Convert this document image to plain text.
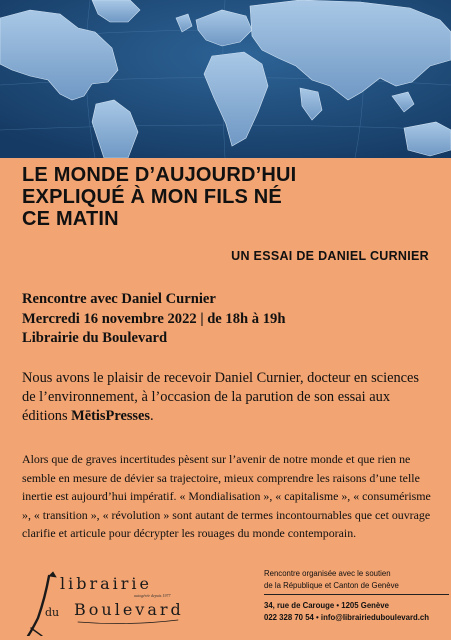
LE MONDE D’AUJOURD’HUI
EXPLIQUÉ À MON FILS NÉ
CE MATIN

UN ESSAI DE DANIEL CURNIER

Rencontre avec Daniel Curnier
Mercredi 16 novembre 2022 | de 18h à 19h
Librairie du Boulevard

Nous avons le plaisir de recevoir Daniel Curnier, docteur en sciences de l’environnement, à l’occasion de la parution de son essai aux éditions MētisPresses.

Alors que de graves incertitudes pèsent sur l’avenir de notre monde et que rien ne semble en mesure de dévier sa trajectoire, mieux comprendre les raisons d’une telle inertie est aujourd’hui impératif. « Mondialisation », « capitalisme », « consumérisme », « transition », « révolution » sont autant de termes incontournables que cet ouvrage clarifie et articule pour décrypter les rouages du monde contemporain.

librairie
autogérée depuis 1977
du Boulevard
Rencontre organisée avec le soutien
de la République et Canton de Genève
34, rue de Carouge • 1205 Genève
022 328 70 54 • info@librairieduboulevard.ch
